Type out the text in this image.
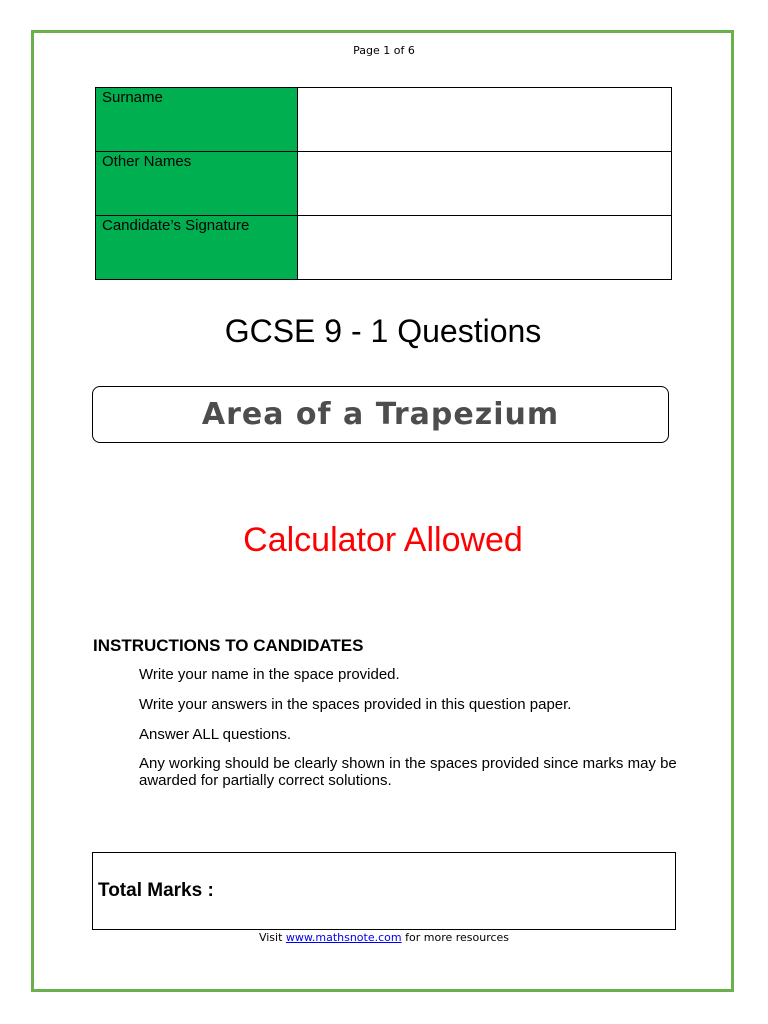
Page 1 of 6
Surname	
Other Names	
Candidate’s Signature	
GCSE 9 - 1 Questions
Area of a Trapezium
Calculator Allowed
INSTRUCTIONS TO CANDIDATES
Write your name in the space provided.
Write your answers in the spaces provided in this question paper.
Answer ALL questions.
Any working should be clearly shown in the spaces provided since marks may be awarded for partially correct solutions.
Total Marks :
Visit www.mathsnote.com for more resources
